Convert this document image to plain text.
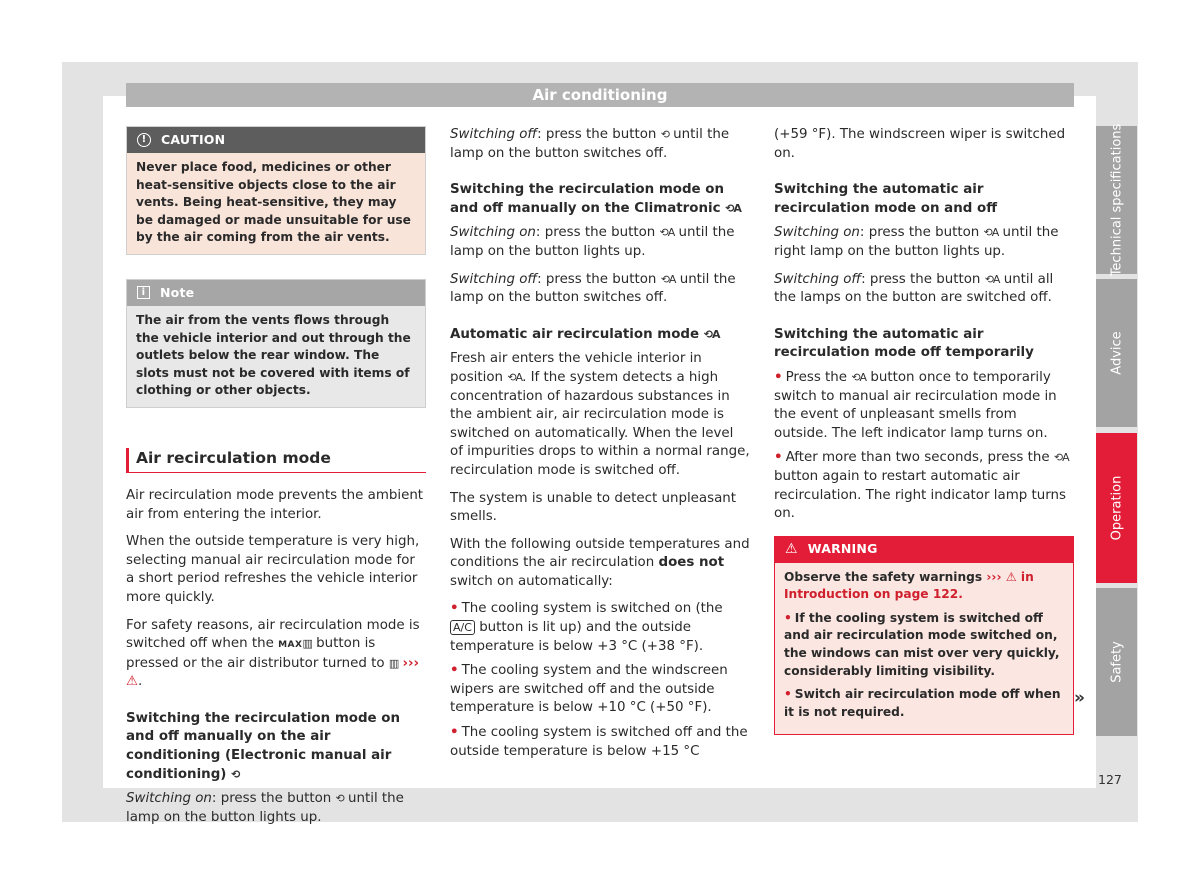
Air conditioning
!	CAUTION
Never place food, medicines or other heat-sensitive objects close to the air vents. Being heat-sensitive, they may be damaged or made unsuitable for use by the air coming from the air vents.
i	Note
The air from the vents flows through the vehicle interior and out through the outlets below the rear window. The slots must not be covered with items of clothing or other objects.
Air recirculation mode

Air recirculation mode prevents the ambient air from entering the interior.

When the outside temperature is very high, selecting manual air recirculation mode for a short period refreshes the vehicle interior more quickly.

For safety reasons, air recirculation mode is switched off when the MAX▥ button is pressed or the air distributor turned to ▥ ››› ⚠.

Switching the recirculation mode on and off manually on the air conditioning (Electronic manual air conditioning) ⟲

Switching on: press the button ⟲ until the lamp on the button lights up.

Switching off: press the button ⟲ until the lamp on the button switches off.

Switching the recirculation mode on and off manually on the Climatronic ⟲A

Switching on: press the button ⟲A until the lamp on the button lights up.

Switching off: press the button ⟲A until the lamp on the button switches off.

Automatic air recirculation mode ⟲A

Fresh air enters the vehicle interior in position ⟲A. If the system detects a high concentration of hazardous substances in the ambient air, air recirculation mode is switched on automatically. When the level of impurities drops to within a normal range, recirculation mode is switched off.

The system is unable to detect unpleasant smells.

With the following outside temperatures and conditions the air recirculation does not switch on automatically:

• The cooling system is switched on (the A/C button is lit up) and the outside temperature is below +3 °C (+38 °F).

• The cooling system and the windscreen wipers are switched off and the outside temperature is below +10 °C (+50 °F).

• The cooling system is switched off and the outside temperature is below +15 °C

(+59 °F). The windscreen wiper is switched on.

Switching the automatic air recirculation mode on and off

Switching on: press the button ⟲A until the right lamp on the button lights up.

Switching off: press the button ⟲A until all the lamps on the button are switched off.

Switching the automatic air recirculation mode off temporarily

• Press the ⟲A button once to temporarily switch to manual air recirculation mode in the event of unpleasant smells from outside. The left indicator lamp turns on.

• After more than two seconds, press the ⟲A button again to restart automatic air recirculation. The right indicator lamp turns on.

⚠ WARNING

Observe the safety warnings ››› ⚠ in Introduction on page 122.

• If the cooling system is switched off and air recirculation mode switched on, the windows can mist over very quickly, considerably limiting visibility.

• Switch air recirculation mode off when it is not required.

»
Technical specifications
Advice
Operation
Safety
127
